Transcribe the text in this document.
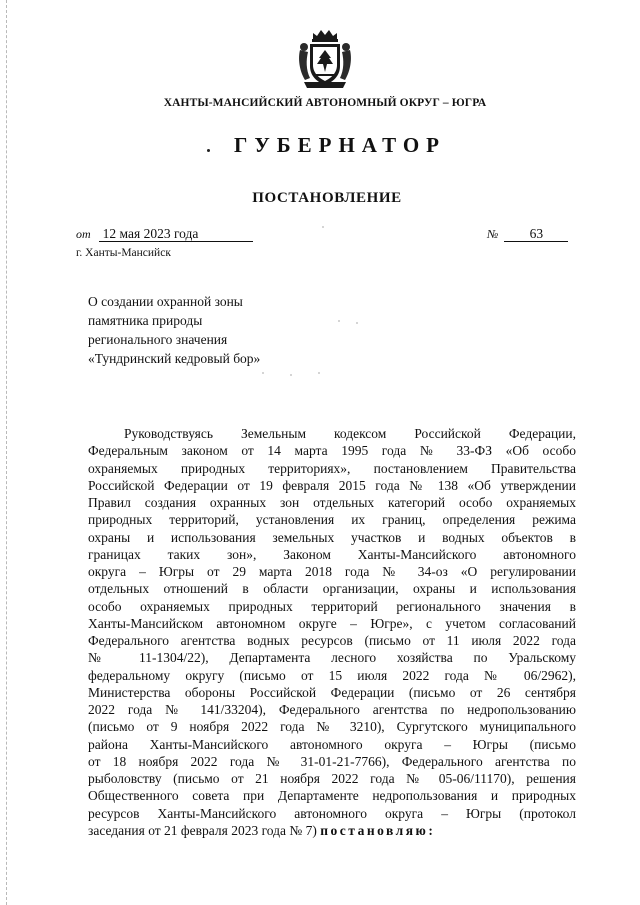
ХАНТЫ-МАНСИЙСКИЙ АВТОНОМНЫЙ ОКРУГ – ЮГРА
ГУБЕРНАТОР
ПОСТАНОВЛЕНИЕ
от 12 мая 2023 года	№ 63
г. Ханты-Мансийск
О создании охранной зоны
памятника природы
регионального значения
«Тундринский кедровый бор»
Руководствуясь Земельным кодексом Российской Федерации,
Федеральным законом от 14 марта 1995 года № 33-ФЗ «Об особо
охраняемых природных территориях», постановлением Правительства
Российской Федерации от 19 февраля 2015 года № 138 «Об утверждении
Правил создания охранных зон отдельных категорий особо охраняемых
природных территорий, установления их границ, определения режима
охраны и использования земельных участков и водных объектов в
границах таких зон», Законом Ханты-Мансийского автономного
округа – Югры от 29 марта 2018 года № 34-оз «О регулировании
отдельных отношений в области организации, охраны и использования
особо охраняемых природных территорий регионального значения в
Ханты-Мансийском автономном округе – Югре», с учетом согласований
Федерального агентства водных ресурсов (письмо от 11 июля 2022 года
№ 11-1304/22), Департамента лесного хозяйства по Уральскому
федеральному округу (письмо от 15 июля 2022 года № 06/2962),
Министерства обороны Российской Федерации (письмо от 26 сентября
2022 года № 141/33204), Федерального агентства по недропользованию
(письмо от 9 ноября 2022 года № 3210), Сургутского муниципального
района Ханты-Мансийского автономного округа – Югры (письмо
от 18 ноября 2022 года № 31-01-21-7766), Федерального агентства по
рыболовству (письмо от 21 ноября 2022 года № 05-06/11170), решения
Общественного совета при Департаменте недропользования и природных
ресурсов Ханты-Мансийского автономного округа – Югры (протокол
заседания от 21 февраля 2023 года № 7) постановляю:
